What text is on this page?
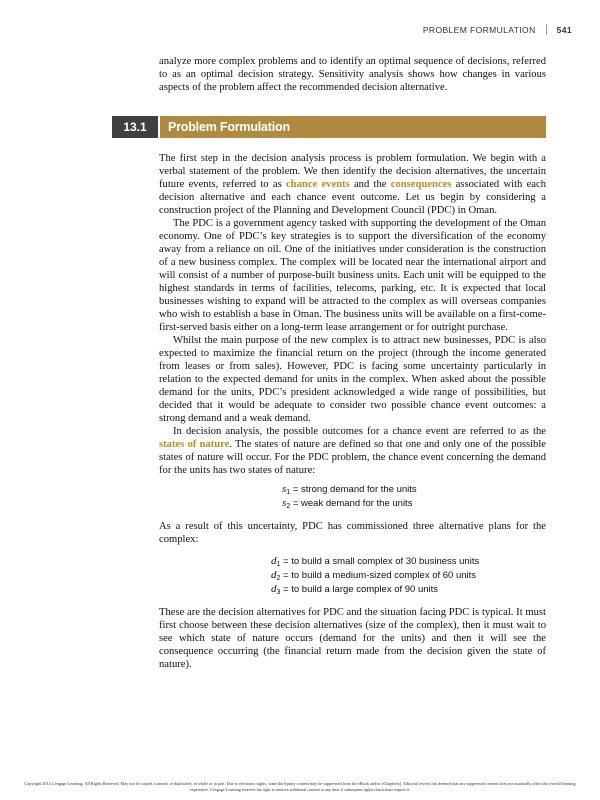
PROBLEM FORMULATION 541

analyze more complex problems and to identify an optimal sequence of decisions, referred to as an optimal decision strategy. Sensitivity analysis shows how changes in various aspects of the problem affect the recommended decision alternative.

13.1	Problem Formulation

The first step in the decision analysis process is problem formulation. We begin with a verbal statement of the problem. We then identify the decision alternatives, the uncertain future events, referred to as chance events and the consequences associated with each decision alternative and each chance event outcome. Let us begin by considering a construction project of the Planning and Development Council (PDC) in Oman.

The PDC is a government agency tasked with supporting the development of the Oman economy. One of PDC’s key strategies is to support the diversification of the economy away from a reliance on oil. One of the initiatives under consideration is the construction of a new business complex. The complex will be located near the international airport and will consist of a number of purpose-built business units. Each unit will be equipped to the highest standards in terms of facilities, telecoms, parking, etc. It is expected that local businesses wishing to expand will be attracted to the complex as will overseas companies who wish to establish a base in Oman. The business units will be available on a first-come-first-served basis either on a long-term lease arrangement or for outright purchase.

Whilst the main purpose of the new complex is to attract new businesses, PDC is also expected to maximize the financial return on the project (through the income generated from leases or from sales). However, PDC is facing some uncertainty particularly in relation to the expected demand for units in the complex. When asked about the possible demand for the units, PDC’s president acknowledged a wide range of possibilities, but decided that it would be adequate to consider two possible chance event outcomes: a strong demand and a weak demand.

In decision analysis, the possible outcomes for a chance event are referred to as the states of nature. The states of nature are defined so that one and only one of the possible states of nature will occur. For the PDC problem, the chance event concerning the demand for the units has two states of nature:

$s_1$ = strong demand for the units
$s_2$ = weak demand for the units

As a result of this uncertainty, PDC has commissioned three alternative plans for the complex:

$d_1$ = to build a small complex of 30 business units
$d_2$ = to build a medium-sized complex of 60 units
$d_3$ = to build a large complex of 90 units

These are the decision alternatives for PDC and the situation facing PDC is typical. It must first choose between these decision alternatives (size of the complex), then it must wait to see which state of nature occurs (demand for the units) and then it will see the consequence occurring (the financial return made from the decision given the state of nature).

Copyright 2014 Cengage Learning. All Rights Reserved. May not be copied, scanned, or duplicated, in whole or in part. Due to electronic rights, some third party content may be suppressed from the eBook and/or eChapter(s). Editorial review has deemed that any suppressed content does not materially affect the overall learning experience. Cengage Learning reserves the right to remove additional content at any time if subsequent rights restrictions require it.
